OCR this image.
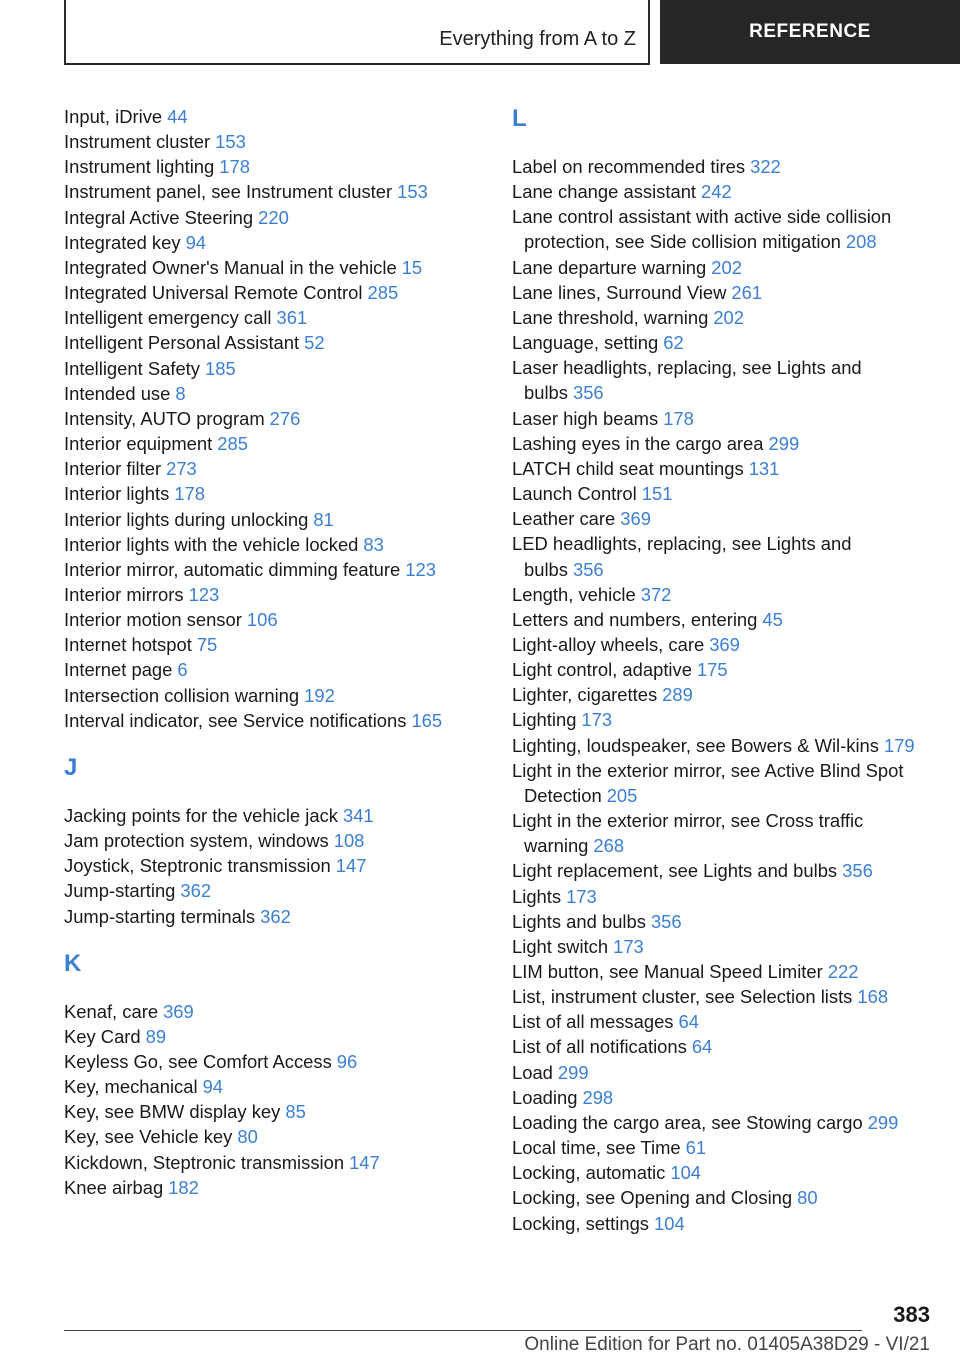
Everything from A to Z	REFERENCE
Input, iDrive 44
Instrument cluster 153
Instrument lighting 178
Instrument panel, see Instrument cluster 153
Integral Active Steering 220
Integrated key 94
Integrated Owner's Manual in the vehicle 15
Integrated Universal Remote Control 285
Intelligent emergency call 361
Intelligent Personal Assistant 52
Intelligent Safety 185
Intended use 8
Intensity, AUTO program 276
Interior equipment 285
Interior filter 273
Interior lights 178
Interior lights during unlocking 81
Interior lights with the vehicle locked 83
Interior mirror, automatic dimming feature 123
Interior mirrors 123
Interior motion sensor 106
Internet hotspot 75
Internet page 6
Intersection collision warning 192
Interval indicator, see Service notifications 165
J
Jacking points for the vehicle jack 341
Jam protection system, windows 108
Joystick, Steptronic transmission 147
Jump-starting 362
Jump-starting terminals 362
K
Kenaf, care 369
Key Card 89
Keyless Go, see Comfort Access 96
Key, mechanical 94
Key, see BMW display key 85
Key, see Vehicle key 80
Kickdown, Steptronic transmission 147
Knee airbag 182
L
Label on recommended tires 322
Lane change assistant 242
Lane control assistant with active side collision protection, see Side collision mitigation 208
Lane departure warning 202
Lane lines, Surround View 261
Lane threshold, warning 202
Language, setting 62
Laser headlights, replacing, see Lights and bulbs 356
Laser high beams 178
Lashing eyes in the cargo area 299
LATCH child seat mountings 131
Launch Control 151
Leather care 369
LED headlights, replacing, see Lights and bulbs 356
Length, vehicle 372
Letters and numbers, entering 45
Light-alloy wheels, care 369
Light control, adaptive 175
Lighter, cigarettes 289
Lighting 173
Lighting, loudspeaker, see Bowers & Wil-kins 179
Light in the exterior mirror, see Active Blind Spot Detection 205
Light in the exterior mirror, see Cross traffic warning 268
Light replacement, see Lights and bulbs 356
Lights 173
Lights and bulbs 356
Light switch 173
LIM button, see Manual Speed Limiter 222
List, instrument cluster, see Selection lists 168
List of all messages 64
List of all notifications 64
Load 299
Loading 298
Loading the cargo area, see Stowing cargo 299
Local time, see Time 61
Locking, automatic 104
Locking, see Opening and Closing 80
Locking, settings 104
383
Online Edition for Part no. 01405A38D29 - VI/21
